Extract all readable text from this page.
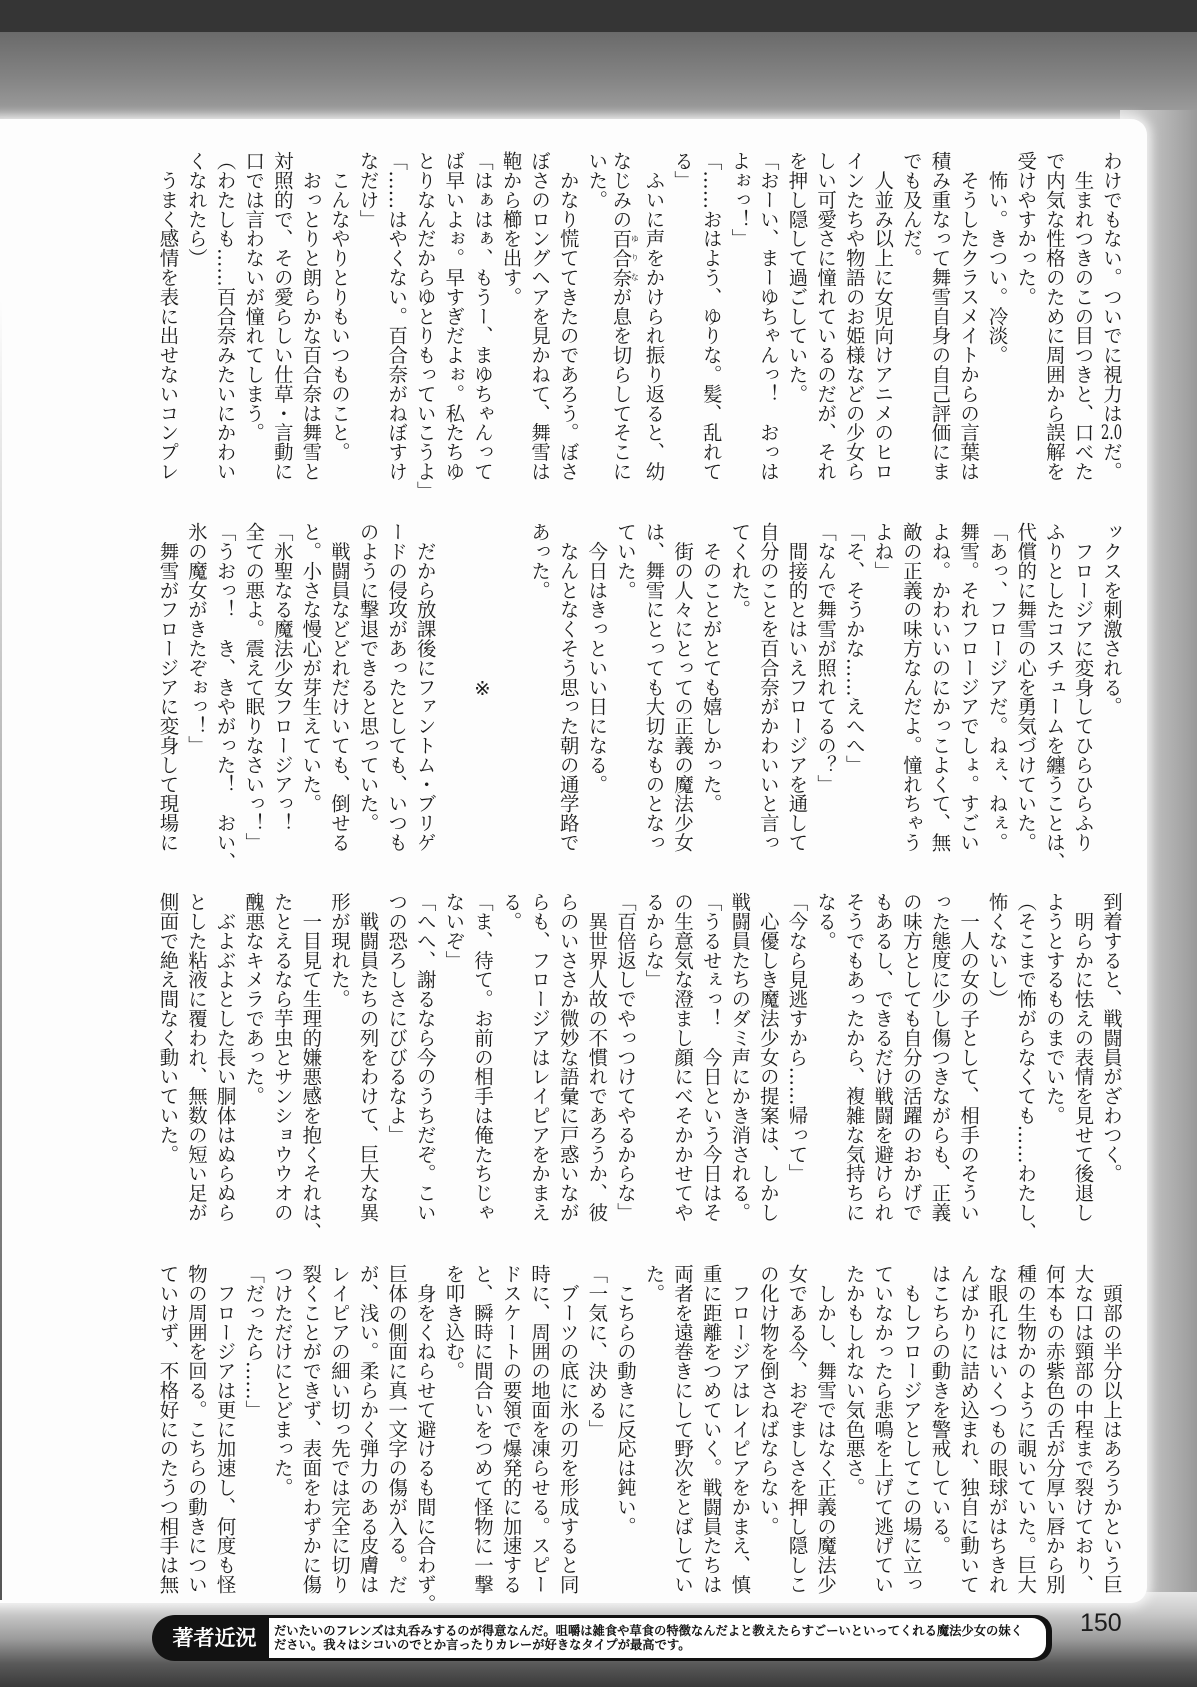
わけでもない。ついでに視力は2.0だ。
　生まれつきのこの目つきと、口べた
で内気な性格のために周囲から誤解を
受けやすかった。
　怖い。きつい。冷淡。
　そうしたクラスメイトからの言葉は
積み重なって舞雪自身の自己評価にま
でも及んだ。
　人並み以上に女児向けアニメのヒロ
インたちや物語のお姫様などの少女ら
しい可愛さに憧れているのだが、それ
を押し隠して過ごしていた。
「おーい、まーゆちゃんっ！　おっは
よぉっ！」
「……おはよう、ゆりな。髪、乱れて
る」
　ふいに声をかけられ振り返ると、幼
なじみの百合奈ゆりなが息を切らしてそこに
いた。
　かなり慌ててきたのであろう。ぼさ
ぼさのロングヘアを見かねて、舞雪は
鞄から櫛を出す。
「はぁはぁ、もうー、まゆちゃんって
ば早いよぉ。早すぎだよぉ。私たちゆ
とりなんだからゆとりもっていこうよ」
「……はやくない。百合奈がねぼすけ
なだけ」
　こんなやりとりもいつものこと。
　おっとりと朗らかな百合奈は舞雪と
対照的で、その愛らしい仕草・言動に
口では言わないが憧れてしまう。
（わたしも……百合奈みたいにかわい
くなれたら）
　うまく感情を表に出せないコンプレ
ックスを刺激される。
　フロージアに変身してひらひらふり
ふりとしたコスチュームを纏うことは、
代償的に舞雪の心を勇気づけていた。
「あっ、フロージアだ。ねぇ、ねぇ。
舞雪。それフロージアでしょ。すごい
よね。かわいいのにかっこよくて、無
敵の正義の味方なんだよ。憧れちゃう
よね」
「そ、そうかな……えへへ」
「なんで舞雪が照れてるの？」
　間接的とはいえフロージアを通して
自分のことを百合奈がかわいいと言っ
てくれた。
　そのことがとても嬉しかった。
　街の人々にとっての正義の魔法少女
は、舞雪にとっても大切なものとなっ
ていた。
　今日はきっといい日になる。
　なんとなくそう思った朝の通学路で
あった。
※
　だから放課後にファントム・ブリゲ
ードの侵攻があったとしても、いつも
のように撃退できると思っていた。
　戦闘員などどれだけいても、倒せる
と。小さな慢心が芽生えていた。
「氷聖なる魔法少女フロージアっ！
全ての悪よ。震えて眠りなさいっ！」
「うおっ！　き、きやがった！　おい、
氷の魔女がきたぞぉっ！」
　舞雪がフロージアに変身して現場に
到着すると、戦闘員がざわつく。
　明らかに怯えの表情を見せて後退し
ようとするものまでいた。
（そこまで怖がらなくても……わたし、
怖くないし）
　一人の女の子として、相手のそうい
った態度に少し傷つきながらも、正義
の味方としても自分の活躍のおかげで
もあるし、できるだけ戦闘を避けられ
そうでもあったから、複雑な気持ちに
なる。
「今なら見逃すから……帰って」
　心優しき魔法少女の提案は、しかし
戦闘員たちのダミ声にかき消される。
「うるせぇっ！　今日という今日はそ
の生意気な澄まし顔にべそかかせてや
るからな」
「百倍返しでやっつけてやるからな」
　異世界人故の不慣れであろうか、彼
らのいささか微妙な語彙に戸惑いなが
らも、フロージアはレイピアをかまえ
る。
「ま、待て。お前の相手は俺たちじゃ
ないぞ」
「へへ、謝るなら今のうちだぞ。こい
つの恐ろしさにびびるなよ」
　戦闘員たちの列をわけて、巨大な異
形が現れた。
　一目見て生理的嫌悪感を抱くそれは、
たとえるなら芋虫とサンショウウオの
醜悪なキメラであった。
　ぶよぶよとした長い胴体はぬらぬら
とした粘液に覆われ、無数の短い足が
側面で絶え間なく動いていた。
　頭部の半分以上はあろうかという巨
大な口は頸部の中程まで裂けており、
何本もの赤紫色の舌が分厚い唇から別
種の生物かのように覗いていた。巨大
な眼孔にはいくつもの眼球がはちきれ
んばかりに詰め込まれ、独自に動いて
はこちらの動きを警戒している。
　もしフロージアとしてこの場に立っ
ていなかったら悲鳴を上げて逃げてい
たかもしれない気色悪さ。
　しかし、舞雪ではなく正義の魔法少
女である今、おぞましさを押し隠しこ
の化け物を倒さねばならない。
　フロージアはレイピアをかまえ、慎
重に距離をつめていく。戦闘員たちは
両者を遠巻きにして野次をとばしてい
た。
　こちらの動きに反応は鈍い。
「一気に、決める」
　ブーツの底に氷の刃を形成すると同
時に、周囲の地面を凍らせる。スピー
ドスケートの要領で爆発的に加速する
と、瞬時に間合いをつめて怪物に一撃
を叩き込む。
　身をくねらせて避けるも間に合わず。
巨体の側面に真一文字の傷が入る。だ
が、浅い。柔らかく弾力のある皮膚は
レイピアの細い切っ先では完全に切り
裂くことができず、表面をわずかに傷
つけただけにとどまった。
「だったら……」
　フロージアは更に加速し、何度も怪
物の周囲を回る。こちらの動きについ
ていけず、不格好にのたうつ相手は無
著者近況	だいたいのフレンズは丸呑みするのが得意なんだ。咀嚼は雑食や草食の特徴なんだよと教えたらすごーいといってくれる魔法少女の妹く
ださい。我々はシコいのでとか言ったりカレーが好きなタイプが最高です。
150
